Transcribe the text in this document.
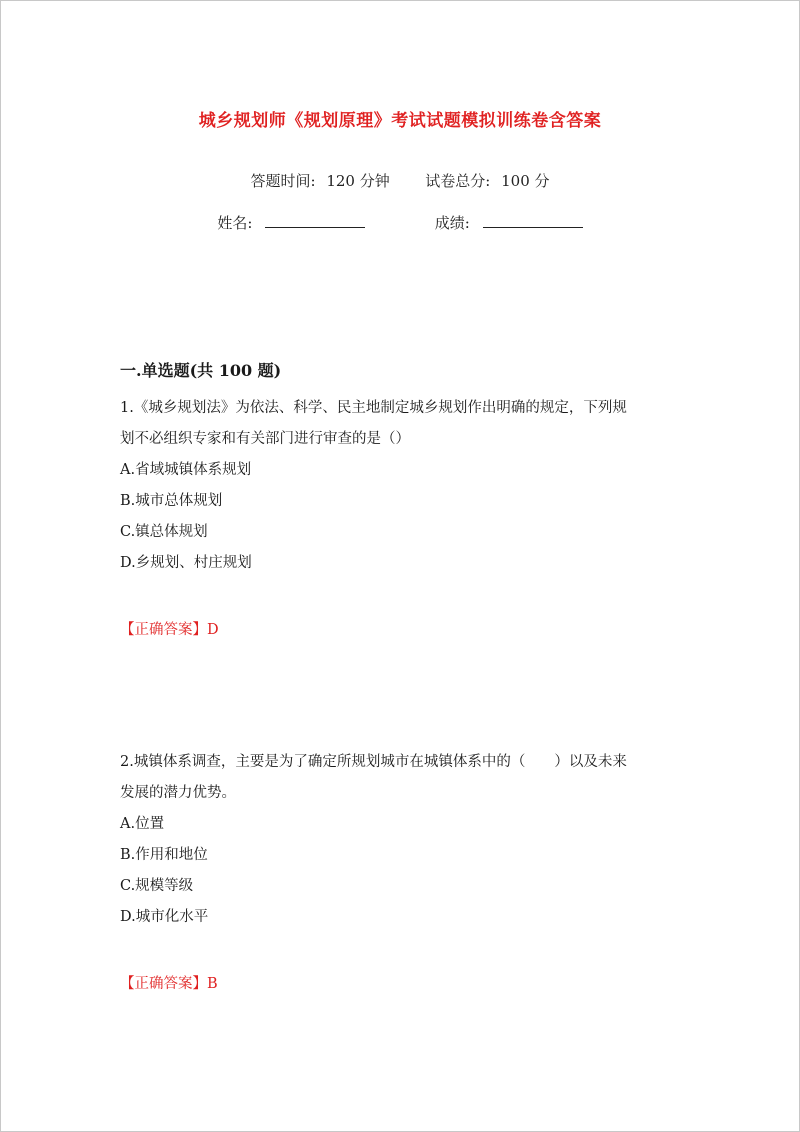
城乡规划师《规划原理》考试试题模拟训练卷含答案
答题时间: 120 分钟 试卷总分: 100 分
姓名:	成绩:
一.单选题(共 100 题)

1.《城乡规划法》为依法、科学、民主地制定城乡规划作出明确的规定，下列规

划不必组织专家和有关部门进行审查的是（）

A.省域城镇体系规划

B.城市总体规划

C.镇总体规划

D.乡规划、村庄规划

【正确答案】D

2.城镇体系调查，主要是为了确定所规划城市在城镇体系中的（　　）以及未来

发展的潜力优势。

A.位置

B.作用和地位

C.规模等级

D.城市化水平

【正确答案】B
